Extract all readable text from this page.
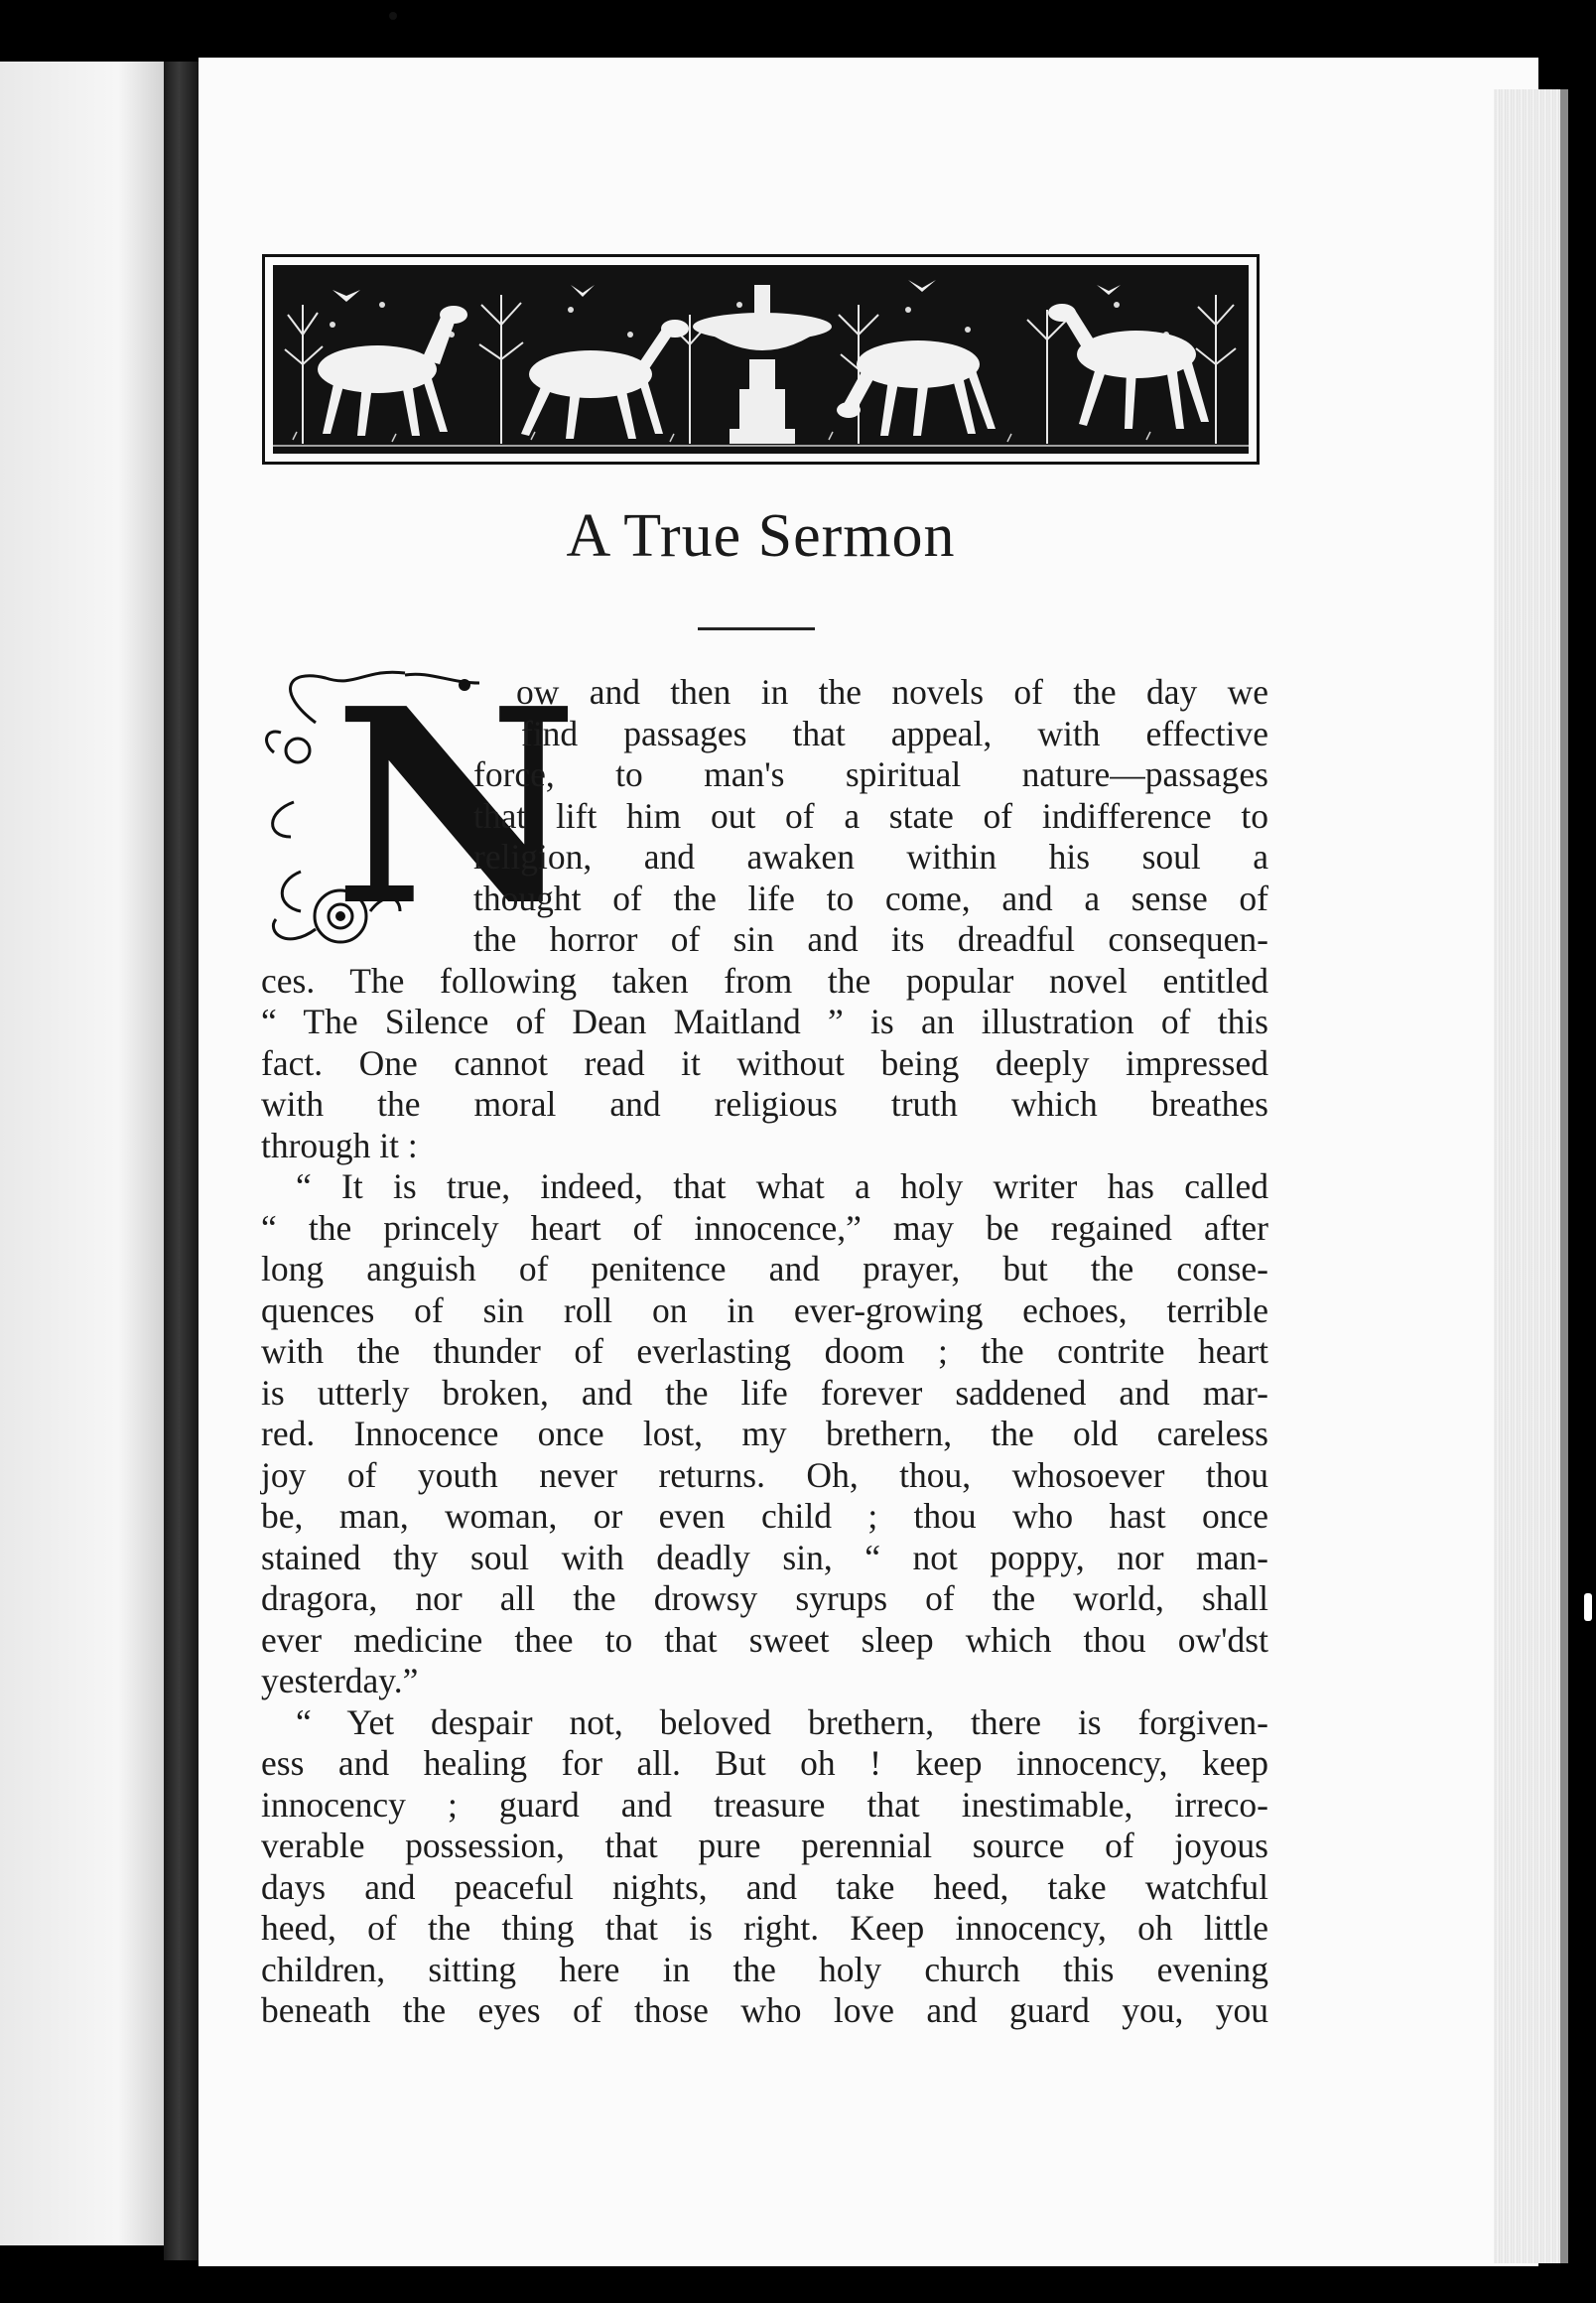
A True Sermon
N
ow and then in the novels of the day we
find passages that appeal, with effective
force, to man's spiritual nature—passages
that lift him out of a state of indifference to
religion, and awaken within his soul a
thought of the life to come, and a sense of
the horror of sin and its dreadful consequen-
ces. The following taken from the popular novel entitled
“ The Silence of Dean Maitland ” is an illustration of this
fact. One cannot read it without being deeply impressed
with the moral and religious truth which breathes
through it :
“ It is true, indeed, that what a holy writer has called
“ the princely heart of innocence,” may be regained after
long anguish of penitence and prayer, but the conse-
quences of sin roll on in ever-growing echoes, terrible
with the thunder of everlasting doom ; the contrite heart
is utterly broken, and the life forever saddened and mar-
red. Innocence once lost, my brethern, the old careless
joy of youth never returns. Oh, thou, whosoever thou
be, man, woman, or even child ; thou who hast once
stained thy soul with deadly sin, “ not poppy, nor man-
dragora, nor all the drowsy syrups of the world, shall
ever medicine thee to that sweet sleep which thou ow'dst
yesterday.”
“ Yet despair not, beloved brethern, there is forgiven-
ess and healing for all. But oh ! keep innocency, keep
innocency ; guard and treasure that inestimable, irreco-
verable possession, that pure perennial source of joyous
days and peaceful nights, and take heed, take watchful
heed, of the thing that is right. Keep innocency, oh little
children, sitting here in the holy church this evening
beneath the eyes of those who love and guard you, you
